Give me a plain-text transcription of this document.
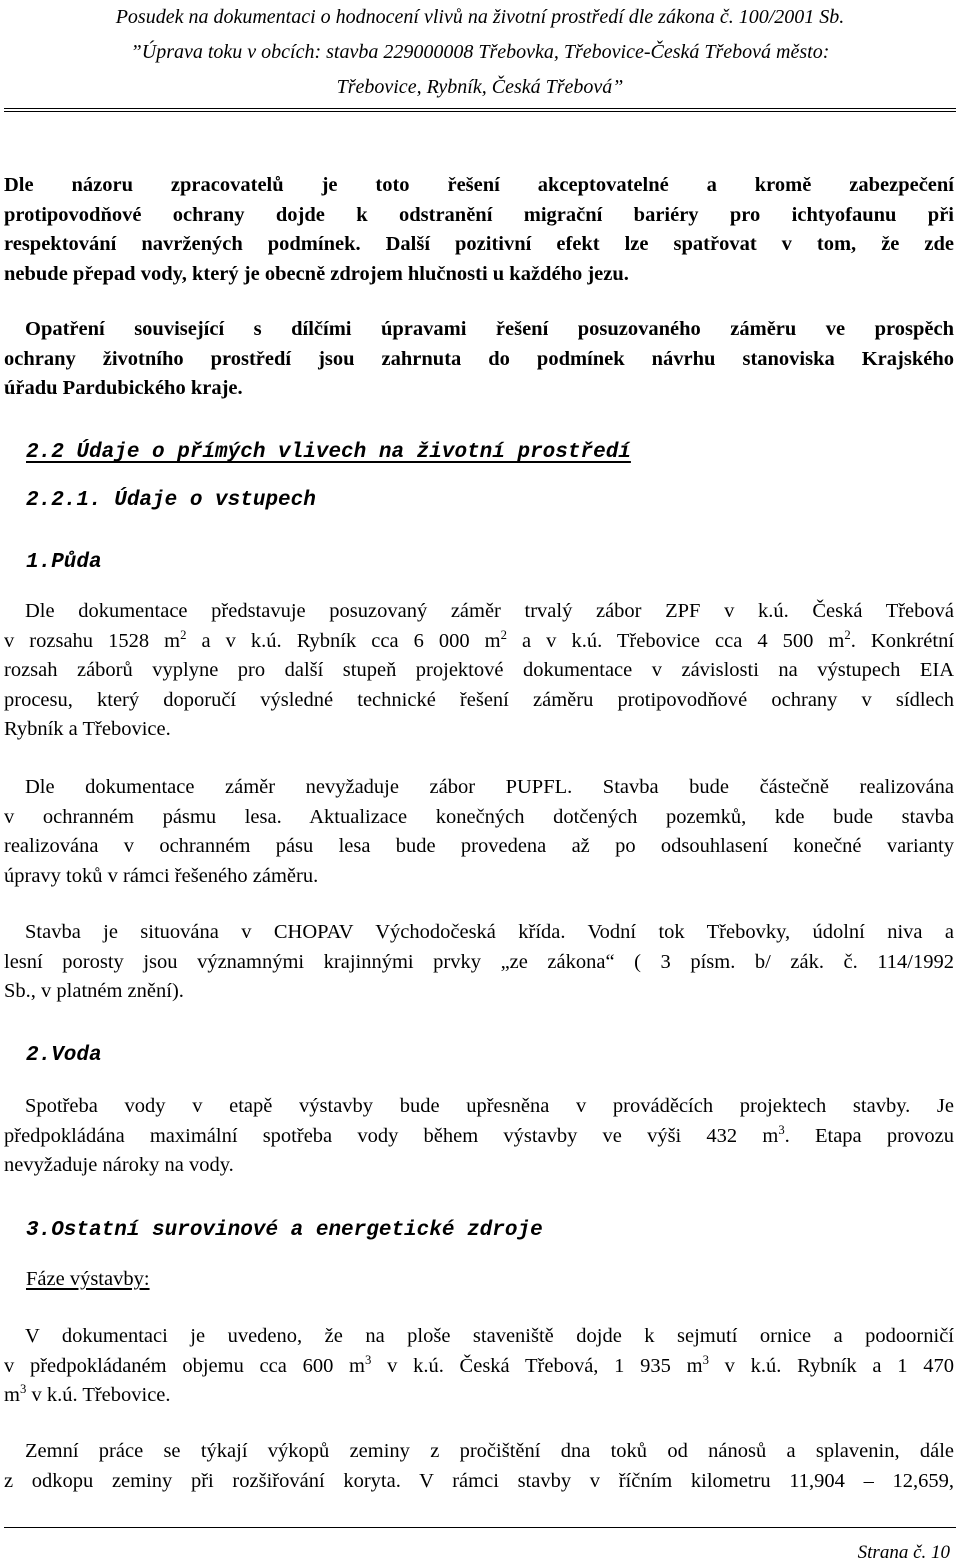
Posudek na dokumentaci o hodnocení vlivů na životní prostředí dle zákona č. 100/2001 Sb.
”Úprava toku v obcích: stavba 229000008 Třebovka, Třebovice-Česká Třebová město:
Třebovice, Rybník, Česká Třebová”

Dle názoru zpracovatelů je toto řešení akceptovatelné a kromě zabezpečení
protipovodňové ochrany dojde k odstranění migrační bariéry pro ichtyofaunu při
respektování navržených podmínek. Další pozitivní efekt lze spatřovat v tom, že zde
nebude přepad vody, který je obecně zdrojem hlučnosti u každého jezu.

Opatření související s dílčími úpravami řešení posuzovaného záměru ve prospěch
ochrany životního prostředí jsou zahrnuta do podmínek návrhu stanoviska Krajského
úřadu Pardubického kraje.

2.2 Údaje o přímých vlivech na životní prostředí
2.2.1. Údaje o vstupech
1.Půda

Dle dokumentace představuje posuzovaný záměr trvalý zábor ZPF v k.ú. Česká Třebová
v rozsahu 1528 $m^2$ a v k.ú. Rybník cca 6 000 $m^2$ a v k.ú. Třebovice cca 4 500 $m^2$. Konkrétní
rozsah záborů vyplyne pro další stupeň projektové dokumentace v závislosti na výstupech EIA
procesu, který doporučí výsledné technické řešení záměru protipovodňové ochrany v sídlech
Rybník a Třebovice.

Dle dokumentace záměr nevyžaduje zábor PUPFL. Stavba bude částečně realizována
v ochranném pásmu lesa. Aktualizace konečných dotčených pozemků, kde bude stavba
realizována v ochranném pásu lesa bude provedena až po odsouhlasení konečné varianty
úpravy toků v rámci řešeného záměru.

Stavba je situována v CHOPAV Východočeská křída. Vodní tok Třebovky, údolní niva a
lesní porosty jsou významnými krajinnými prvky „ze zákona“ ( 3 písm. b/ zák. č. 114/1992
Sb., v platném znění).

2.Voda

Spotřeba vody v etapě výstavby bude upřesněna v prováděcích projektech stavby. Je
předpokládána maximální spotřeba vody během výstavby ve výši 432 $m^3$. Etapa provozu
nevyžaduje nároky na vody.

3.Ostatní surovinové a energetické zdroje
Fáze výstavby:

V dokumentaci je uvedeno, že na ploše staveniště dojde k sejmutí ornice a podoorničí
v předpokládaném objemu cca 600 $m^3$ v k.ú. Česká Třebová, 1 935 $m^3$ v k.ú. Rybník a 1 470
$m^3$ v k.ú. Třebovice.

Zemní práce se týkají výkopů zeminy z pročištění dna toků od nánosů a splavenin, dále
z odkopu zeminy při rozšiřování koryta. V rámci stavby v říčním kilometru 11,904 – 12,659,

Strana č. 10
